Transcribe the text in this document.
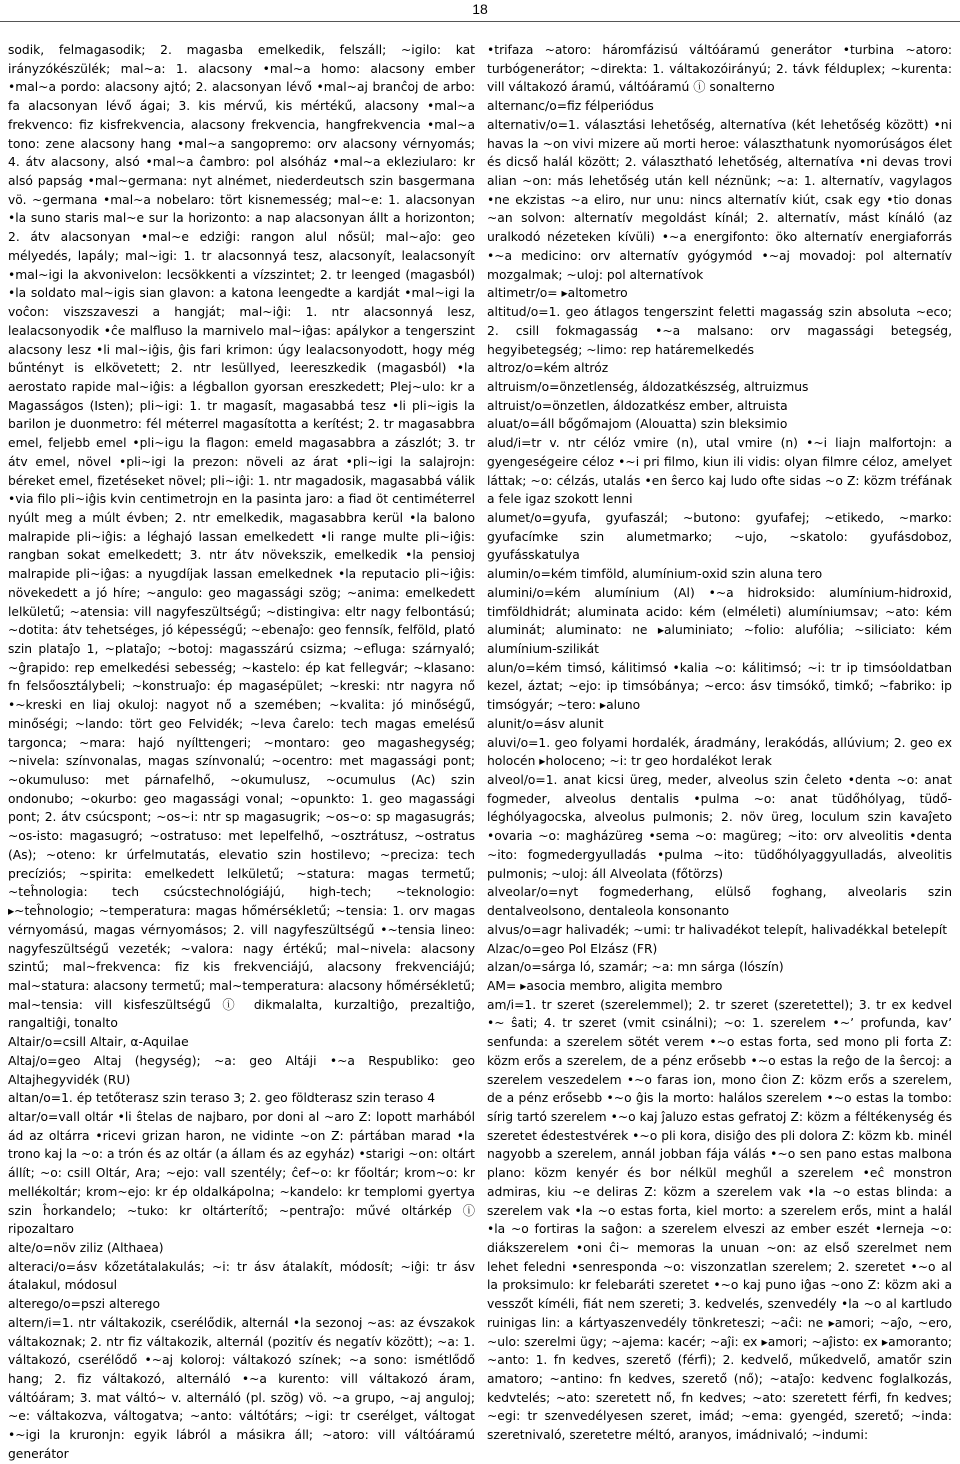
18

sodik, felmagasodik; 2. magasba emelkedik, felszáll; ~igilo: kat irányzókészülék; mal~a: 1. alacsony •mal~a homo: alacsony ember •mal~a pordo: alacsony ajtó; 2. alacsonyan lévő •mal~aj branĉoj de arbo: fa alacsonyan lévő ágai; 3. kis mérvű, kis mértékű, alacsony •mal~a frekvenco: fiz kisfrekvencia, alacsony frekvencia, hangfrekvencia •mal~a tono: zene alacsony hang •mal~a sangopremo: orv alacsony vérnyomás; 4. átv alacsony, alsó •mal~a ĉambro: pol alsóház •mal~a ekleziularo: kr alsó papság •mal~germana: nyt alnémet, niederdeutsch szin basgermana vö. ~germana •mal~a nobelaro: tört kisnemesség; mal~e: 1. alacsonyan •la suno staris mal~e sur la horizonto: a nap alacsonyan állt a horizonton; 2. átv alacsonyan •mal~e edziĝi: rangon alul nősül; mal~aĵo: geo mélyedés, lapály; mal~igi: 1. tr alacsonnyá tesz, alacsonyít, lealacsonyít •mal~igi la akvonivelon: lecsökkenti a vízszintet; 2. tr leenged (magasból) •la soldato mal~igis sian glavon: a katona leengedte a kardját •mal~igi la voĉon: viszszaveszi a hangját; mal~iĝi: 1. ntr alacsonnyá lesz, lealacsonyodik •ĉe malfluso la marnivelo mal~iĝas: apálykor a tengerszint alacsony lesz •li mal~iĝis, ĝis fari krimon: úgy lealacsonyodott, hogy még bűntényt is elkövetett; 2. ntr lesüllyed, leereszkedik (magasból) •la aerostato rapide mal~iĝis: a légballon gyorsan ereszkedett; Plej~ulo: kr a Magasságos (Isten); pli~igi: 1. tr magasít, magasabbá tesz •li pli~igis la barilon je duonmetro: fél méterrel magasította a kerítést; 2. tr magasabbra emel, feljebb emel •pli~igu la flagon: emeld magasabbra a zászlót; 3. tr átv emel, növel •pli~igi la prezon: növeli az árat •pli~igi la salajrojn: béreket emel, fizetéseket növel; pli~iĝi: 1. ntr magadosik, magasabbá válik •via filo pli~iĝis kvin centimetrojn en la pasinta jaro: a fiad öt centiméterrel nyúlt meg a múlt évben; 2. ntr emelkedik, magasabbra kerül •la balono malrapide pli~iĝis: a léghajó lassan emelkedett •li range multe pli~iĝis: rangban sokat emelkedett; 3. ntr átv növekszik, emelkedik •la pensioj malrapide pli~iĝas: a nyugdíjak lassan emelkednek •la reputacio pli~iĝis: növekedett a jó híre; ~angulo: geo magassági szög; ~anima: emelkedett lelkületű; ~atensia: vill nagyfeszültségű; ~distingiva: eltr nagy felbontású; ~dotita: átv tehetséges, jó képességű; ~ebenaĵo: geo fennsík, felföld, plató szin plataĵo 1, ~plataĵo; ~botoj: magasszárú csizma; ~efluga: szárnyaló; ~ĝrapido: rep emelkedési sebesség; ~kastelo: ép kat fellegvár; ~klasano: fn felsőosztálybeli; ~konstruaĵo: ép magasépület; ~kreski: ntr nagyra nő •~kreski en liaj okuloj: nagyot nő a szemében; ~kvalita: jó minőségű, minőségi; ~lando: tört geo Felvidék; ~leva ĉarelo: tech magas emelésű targonca; ~mara: hajó nyílttengeri; ~montaro: geo magashegység; ~nivela: színvonalas, magas színvonalú; ~ocentro: met magassági pont; ~okumuluso: met párnafelhő, ~okumulusz, ~ocumulus (Ac) szin ondonubo; ~okurbo: geo magassági vonal; ~opunkto: 1. geo magassági pont; 2. átv csúcspont; ~os~i: ntr sp magasugrik; ~os~o: sp magasugrás; ~os-isto: magasugró; ~ostratuso: met lepelfelhő, ~osztrátusz, ~ostratus (As); ~oteno: kr úrfelmutatás, elevatio szin hostilevo; ~preciza: tech precíziós; ~spirita: emelkedett lelkületű; ~statura: magas termetű; ~teĥnologia: tech csúcstechnológiájú, high-tech; ~teknologio: ▸~teĥnologio; ~temperatura: magas hőmérsékletű; ~tensia: 1. orv magas vérnyomású, magas vérnyomásos; 2. vill nagyfeszültségű •~tensia lineo: nagyfeszültségű vezeték; ~valora: nagy értékű; mal~nivela: alacsony szintű; mal~frekvenca: fiz kis frekvenciájú, alacsony frekvenciájú; mal~statura: alacsony termetű; mal~temperatura: alacsony hőmérsékletű; mal~tensia: vill kisfeszültségű ⓘ dikmalalta, kurzaltiĝo, prezaltiĝo, rangaltiĝi, tonalto
Altair/o=csill Altair, α-Aquilae
Altaj/o=geo Altaj (hegység); ~a: geo Altáji •~a Respubliko: geo Altajhegyvidék (RU)
altan/o=1. ép tetőterasz szin teraso 3; 2. geo földterasz szin teraso 4
altar/o=vall oltár •li ŝtelas de najbaro, por doni al ~aro Z: lopott marhából ád az oltárra •ricevi grizan haron, ne vidinte ~on Z: pártában marad •la trono kaj la ~o: a trón és az oltár (a állam és az egyház) •starigi ~on: oltárt állít; ~o: csill Oltár, Ara; ~ejo: vall szentély; ĉef~o: kr főoltár; krom~o: kr mellékoltár; krom~ejo: kr ép oldalkápolna; ~kandelo: kr templomi gyertya szin ĥorkandelo; ~tuko: kr oltárterítő; ~pentraĵo: művé oltárkép ⓘ ripozaltaro
alte/o=növ ziliz (Althaea)
alteraci/o=ásv kőzetátalakulás; ~i: tr ásv átalakít, módosít; ~iĝi: tr ásv átalakul, módosul
alterego/o=pszi alterego
altern/i=1. ntr váltakozik, cserélődik, alternál •la sezonoj ~as: az évszakok váltakoznak; 2. ntr fiz váltakozik, alternál (pozitív és negatív között); ~a: 1. váltakozó, cserélődő •~aj koloroj: váltakozó színek; ~a sono: ismétlődő hang; 2. fiz váltakozó, alternáló •~a kurento: vill váltakozó áram, váltóáram; 3. mat váltó~ v. alternáló (pl. szög) vö. ~a grupo, ~aj anguloj; ~e: váltakozva, váltogatva; ~anto: váltótárs; ~igi: tr cserélget, váltogat •~igi la kruronjn: egyik lábról a másikra áll; ~atoro: vill váltóáramú generátor

•trifaza ~atoro: háromfázisú váltóáramú generátor •turbina ~atoro: turbógenerátor; ~direkta: 1. váltakozóirányú; 2. távk félduplex; ~kurenta: vill váltakozó áramú, váltóáramú ⓘ sonalterno
alternanc/o=fiz félperiódus
alternativ/o=1. választási lehetőség, alternatíva (két lehetőség között) •ni havas la ~on vivi mizere aŭ morti heroe: választhatunk nyomorúságos élet és dicső halál között; 2. választható lehetőség, alternatíva •ni devas trovi alian ~on: más lehetőség után kell néznünk; ~a: 1. alternatív, vagylagos •ne ekzistas ~a eliro, nur unu: nincs alternatív kiút, csak egy •tio donas ~an solvon: alternatív megoldást kínál; 2. alternatív, mást kínáló (az uralkodó nézeteken kívüli) •~a energifonto: öko alternatív energiaforrás •~a medicino: orv alternatív gyógymód •~aj movadoj: pol alternatív mozgalmak; ~uloj: pol alternatívok
altimetr/o= ▸altometro
altitud/o=1. geo átlagos tengerszint feletti magasság szin absoluta ~eco; 2. csill fokmagasság •~a malsano: orv magassági betegség, hegyibetegség; ~limo: rep határemelkedés
altroz/o=kém altróz
altruism/o=önzetlenség, áldozatkészség, altruizmus
altruist/o=önzetlen, áldozatkész ember, altruista
aluat/o=áll bőgőmajom (Alouatta) szin bleksimio
alud/i=tr v. ntr célóz vmire (n), utal vmire (n) •~i liajn malfortojn: a gyengeségeire céloz •~i pri filmo, kiun ili vidis: olyan filmre céloz, amelyet láttak; ~o: célzás, utalás •en ŝerco kaj ludo ofte sidas ~o Z: közm tréfának a fele igaz szokott lenni
alumet/o=gyufa, gyufaszál; ~butono: gyufafej; ~etikedo, ~marko: gyufacímke szin alumetmarko; ~ujo, ~skatolo: gyufásdoboz, gyufásskatulya
alumin/o=kém timföld, alumínium-oxid szin aluna tero
alumini/o=kém alumínium (Al) •~a hidroksido: alumínium-hidroxid, timföldhidrát; aluminata acido: kém (elméleti) alumíniumsav; ~ato: kém aluminát; aluminato: ne ▸aluminiato; ~folio: alufólia; ~siliciato: kém alumínium-szilikát
alun/o=kém timsó, kálitimsó •kalia ~o: kálitimsó; ~i: tr ip timsóoldatban kezel, áztat; ~ejo: ip timsóbánya; ~erco: ásv timsókő, timkő; ~fabriko: ip timsógyár; ~tero: ▸aluno
alunit/o=ásv alunit
aluvi/o=1. geo folyami hordalék, áradmány, lerakódás, allúvium; 2. geo ex holocén ▸holoceno; ~i: tr geo hordalékot lerak
alveol/o=1. anat kicsi üreg, meder, alveolus szin ĉeleto •denta ~o: anat fogmeder, alveolus dentalis •pulma ~o: anat tüdőhólyag, tüdő-léghólyagocska, alveolus pulmonis; 2. növ üreg, loculum szin kavaĵeto •ovaria ~o: magházüreg •sema ~o: magüreg; ~ito: orv alveolitis •denta ~ito: fogmedergyulladás •pulma ~ito: tüdőhólyaggyulladás, alveolitis pulmonis; ~uloj: áll Alveolata (főtörzs)
alveolar/o=nyt fogmederhang, elülső foghang, alveolaris szin dentalveolsono, dentaleola konsonanto
alvus/o=agr halivadék; ~umi: tr halivadékot telepít, halivadékkal betelepít
Alzac/o=geo Pol Elzász (FR)
alzan/o=sárga ló, szamár; ~a: mn sárga (lószín)
AM= ▸asocia membro, aligita membro
am/i=1. tr szeret (szerelemmel); 2. tr szeret (szeretettel); 3. tr ex kedvel •~ ŝati; 4. tr szeret (vmit csinálni); ~o: 1. szerelem •~ʼ profunda, kavʼ senfunda: a szerelem sötét verem •~o estas forta, sed mono pli forta Z: közm erős a szerelem, de a pénz erősebb •~o estas la reĝo de la ŝercoj: a szerelem veszedelem •~o faras ion, mono ĉion Z: közm erős a szerelem, de a pénz erősebb •~o ĝis la morto: halálos szerelem •~o estas la tombo: sírig tartó szerelem •~o kaj ĵaluzo estas gefratoj Z: közm a féltékenység és szeretet édestestvérek •~o pli kora, disiĝo des pli dolora Z: közm kb. minél nagyobb a szerelem, annál jobban fája válás •~o sen pano estas malbona plano: közm kenyér és bor nélkül meghűl a szerelem •eĉ monstron admiras, kiu ~e deliras Z: közm a szerelem vak •la ~o estas blinda: a szerelem vak •la ~o estas forta, kiel morto: a szerelem erős, mint a halál •la ~o fortiras la saĝon: a szerelem elveszi az ember eszét •lerneja ~o: diákszerelem •oni ĉi~ memoras la unuan ~on: az első szerelmet nem lehet feledni •senresponda ~o: viszonzatlan szerelem; 2. szeretet •~o al la proksimulo: kr felebaráti szeretet •~o kaj puno iĝas ~ono Z: közm aki a vesszőt kíméli, fiát nem szereti; 3. kedvelés, szenvedély •la ~o al kartludo ruinigas lin: a kártyaszenvedély tönkreteszi; ~aĉi: ne ▸amori; ~aĵo, ~ero, ~ulo: szerelmi ügy; ~ajema: kacér; ~aĵi: ex ▸amori; ~aĵisto: ex ▸amoranto; ~anto: 1. fn kedves, szerető (férfi); 2. kedvelő, műkedvelő, amatőr szin amatoro; ~antino: fn kedves, szerető (nő); ~ataĵo: kedvenc foglalkozás, kedvtelés; ~ato: szeretett nő, fn kedves; ~ato: szeretett férfi, fn kedves; ~egi: tr szenvedélyesen szeret, imád; ~ema: gyengéd, szerető; ~inda: szeretnivaló, szeretetre méltó, aranyos, imádnivaló; ~indumi:
